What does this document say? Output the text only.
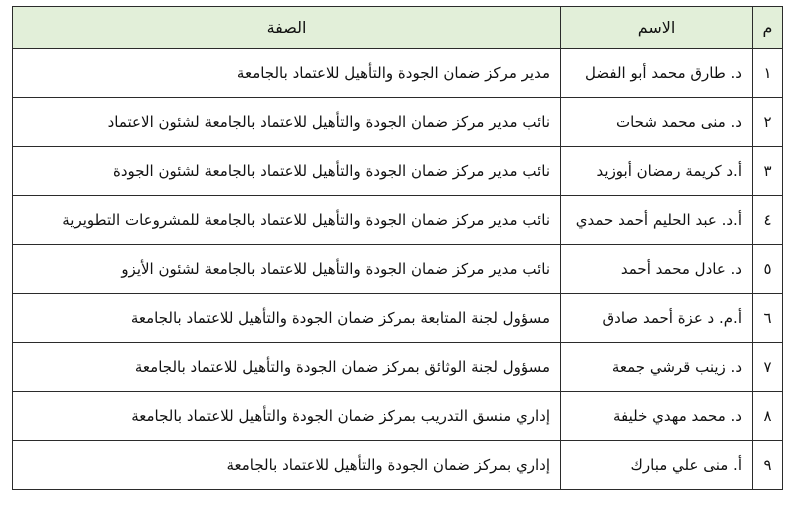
م	الاسم	الصفة
١	د. طارق محمد أبو الفضل	مدير مركز ضمان الجودة والتأهيل للاعتماد بالجامعة
٢	د. منى محمد شحات	نائب مدير مركز ضمان الجودة والتأهيل للاعتماد بالجامعة لشئون الاعتماد
٣	أ.د كريمة رمضان أبوزيد	نائب مدير مركز ضمان الجودة والتأهيل للاعتماد بالجامعة لشئون الجودة
٤	أ.د. عبد الحليم أحمد حمدي	نائب مدير مركز ضمان الجودة والتأهيل للاعتماد بالجامعة للمشروعات التطويرية
٥	د. عادل محمد أحمد	نائب مدير مركز ضمان الجودة والتأهيل للاعتماد بالجامعة لشئون الأيزو
٦	أ.م. د عزة أحمد صادق	مسؤول لجنة المتابعة بمركز ضمان الجودة والتأهيل للاعتماد بالجامعة
٧	د. زينب قرشي جمعة	مسؤول لجنة الوثائق بمركز ضمان الجودة والتأهيل للاعتماد بالجامعة
٨	د. محمد مهدي خليفة	إداري منسق التدريب بمركز ضمان الجودة والتأهيل للاعتماد بالجامعة
٩	أ. منى علي مبارك	إداري بمركز ضمان الجودة والتأهيل للاعتماد بالجامعة
